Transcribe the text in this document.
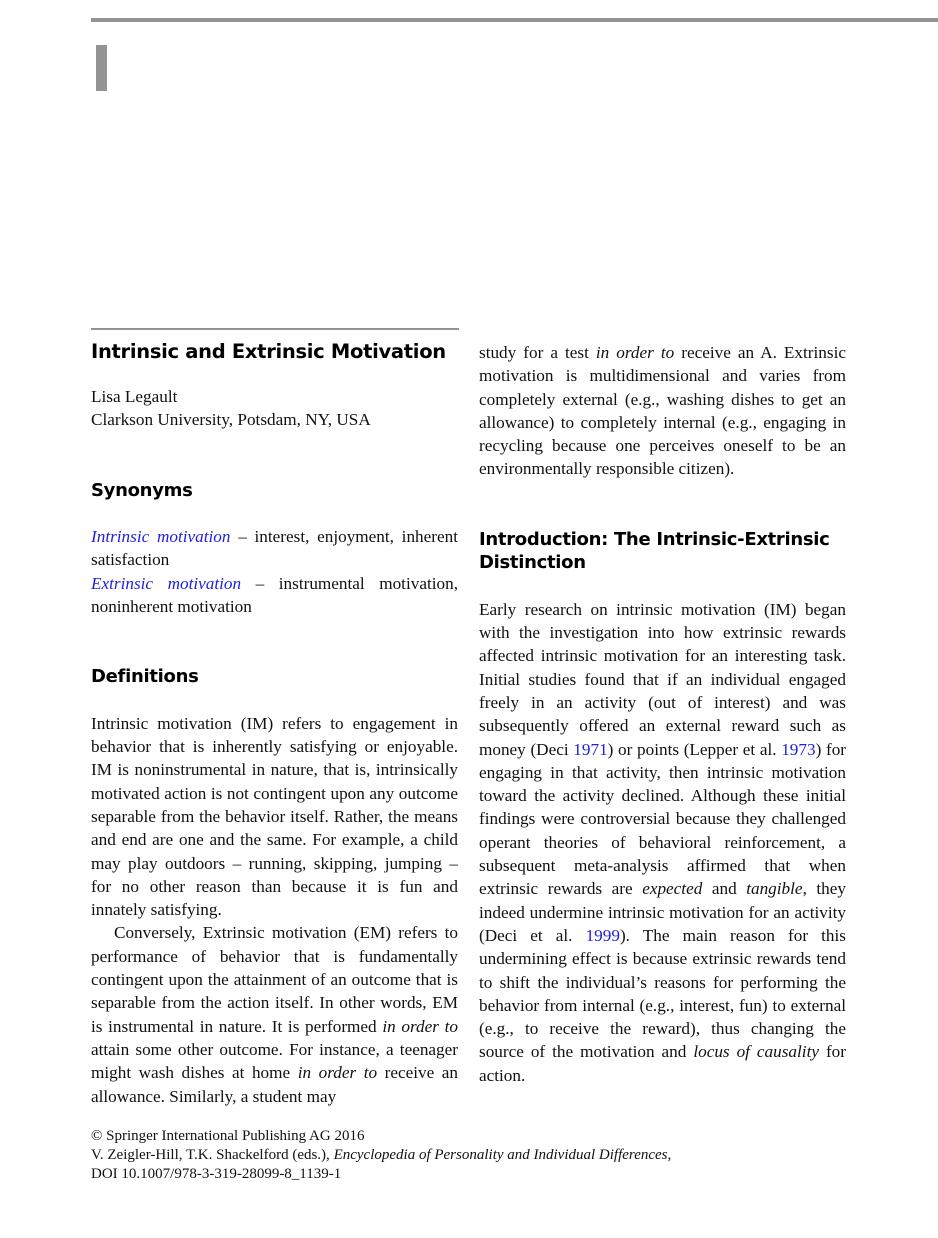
Intrinsic and Extrinsic Motivation
Lisa Legault
Clarkson University, Potsdam, NY, USA
Synonyms

Intrinsic motivation – interest, enjoyment, inherent satisfaction

Extrinsic motivation – instrumental motivation, noninherent motivation

Definitions

Intrinsic motivation (IM) refers to engagement in behavior that is inherently satisfying or enjoyable. IM is noninstrumental in nature, that is, intrinsically motivated action is not contingent upon any outcome separable from the behavior itself. Rather, the means and end are one and the same. For example, a child may play outdoors – running, skipping, jumping – for no other reason than because it is fun and innately satisfying.

Conversely, Extrinsic motivation (EM) refers to performance of behavior that is fundamentally contingent upon the attainment of an outcome that is separable from the action itself. In other words, EM is instrumental in nature. It is performed in order to attain some other outcome. For instance, a teenager might wash dishes at home in order to receive an allowance. Similarly, a student may

study for a test in order to receive an A. Extrinsic motivation is multidimensional and varies from completely external (e.g., washing dishes to get an allowance) to completely internal (e.g., engaging in recycling because one perceives oneself to be an environmentally responsible citizen).

Introduction: The Intrinsic-Extrinsic Distinction

Early research on intrinsic motivation (IM) began with the investigation into how extrinsic rewards affected intrinsic motivation for an interesting task. Initial studies found that if an individual engaged freely in an activity (out of interest) and was subsequently offered an external reward such as money (Deci 1971) or points (Lepper et al. 1973) for engaging in that activity, then intrinsic motivation toward the activity declined. Although these initial findings were controversial because they challenged operant theories of behavioral reinforcement, a subsequent meta-analysis affirmed that when extrinsic rewards are expected and tangible, they indeed undermine intrinsic motivation for an activity (Deci et al. 1999). The main reason for this undermining effect is because extrinsic rewards tend to shift the individual’s reasons for performing the behavior from internal (e.g., interest, fun) to external (e.g., to receive the reward), thus changing the source of the motivation and locus of causality for action.

© Springer International Publishing AG 2016
V. Zeigler-Hill, T.K. Shackelford (eds.), Encyclopedia of Personality and Individual Differences,
DOI 10.1007/978-3-319-28099-8_1139-1
